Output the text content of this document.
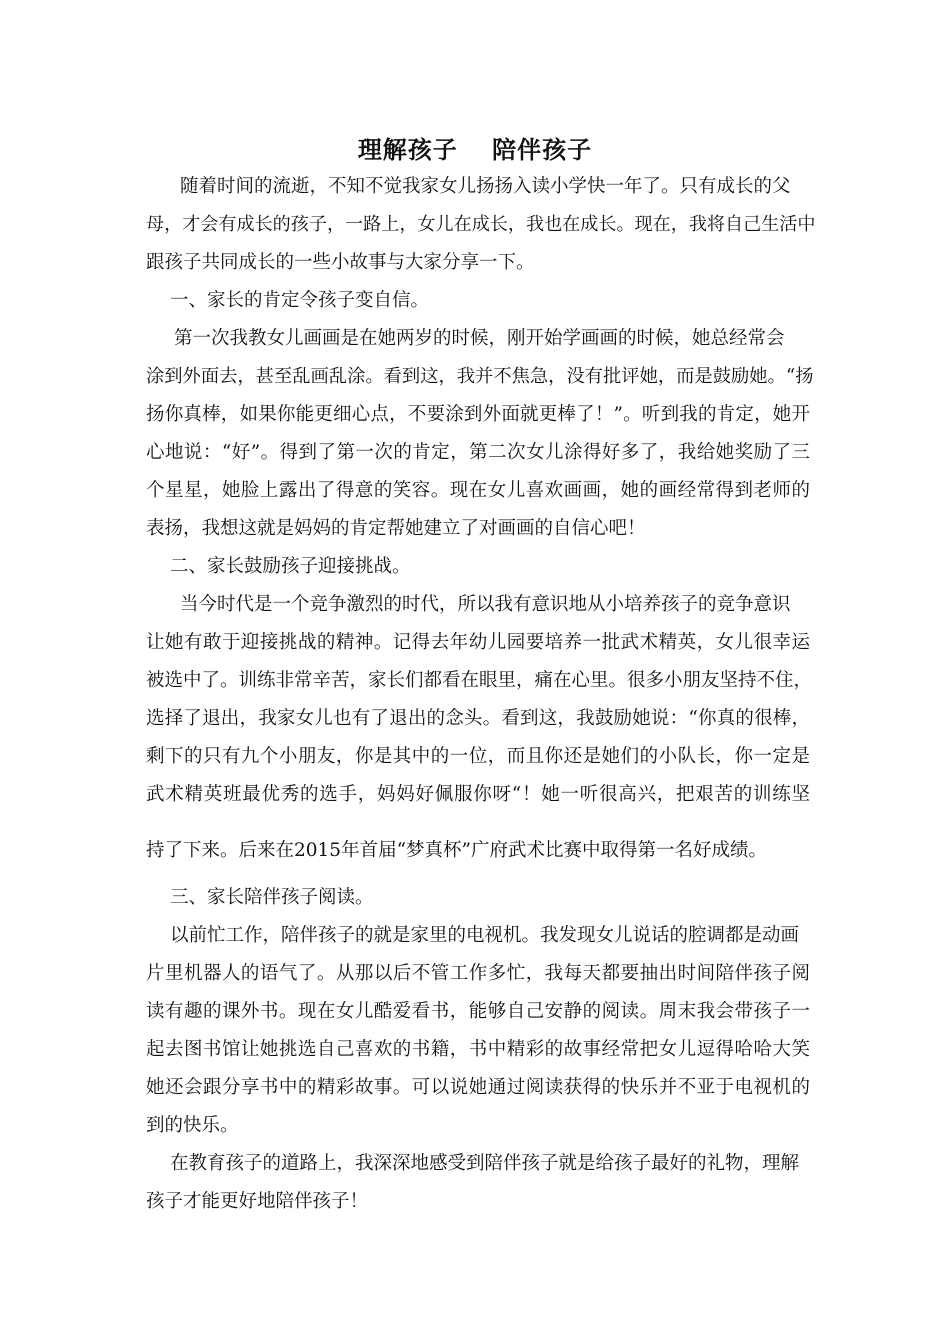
理解孩子　 陪伴孩子
随着时间的流逝，不知不觉我家女儿扬扬入读小学快一年了。只有成长的父
母，才会有成长的孩子，一路上，女儿在成长，我也在成长。现在，我将自己生活中
跟孩子共同成长的一些小故事与大家分享一下。
一、家长的肯定令孩子变自信。
第一次我教女儿画画是在她两岁的时候，刚开始学画画的时候，她总经常会
涂到外面去，甚至乱画乱涂。看到这，我并不焦急，没有批评她，而是鼓励她。“扬
扬你真棒，如果你能更细心点，不要涂到外面就更棒了！”。听到我的肯定，她开
心地说：“好”。得到了第一次的肯定，第二次女儿涂得好多了，我给她奖励了三
个星星，她脸上露出了得意的笑容。现在女儿喜欢画画，她的画经常得到老师的
表扬，我想这就是妈妈的肯定帮她建立了对画画的自信心吧！
二、家长鼓励孩子迎接挑战。
当今时代是一个竞争激烈的时代，所以我有意识地从小培养孩子的竞争意识
让她有敢于迎接挑战的精神。记得去年幼儿园要培养一批武术精英，女儿很幸运
被选中了。训练非常辛苦，家长们都看在眼里，痛在心里。很多小朋友坚持不住，
选择了退出，我家女儿也有了退出的念头。看到这，我鼓励她说：“你真的很棒，
剩下的只有九个小朋友，你是其中的一位，而且你还是她们的小队长，你一定是
武术精英班最优秀的选手，妈妈好佩服你呀“！她一听很高兴，把艰苦的训练坚
持了下来。后来在2015年首届“梦真杯”广府武术比赛中取得第一名好成绩。
三、家长陪伴孩子阅读。
以前忙工作，陪伴孩子的就是家里的电视机。我发现女儿说话的腔调都是动画
片里机器人的语气了。从那以后不管工作多忙，我每天都要抽出时间陪伴孩子阅
读有趣的课外书。现在女儿酷爱看书，能够自己安静的阅读。周末我会带孩子一
起去图书馆让她挑选自己喜欢的书籍，书中精彩的故事经常把女儿逗得哈哈大笑
她还会跟分享书中的精彩故事。可以说她通过阅读获得的快乐并不亚于电视机的
到的快乐。
在教育孩子的道路上，我深深地感受到陪伴孩子就是给孩子最好的礼物，理解
孩子才能更好地陪伴孩子！
